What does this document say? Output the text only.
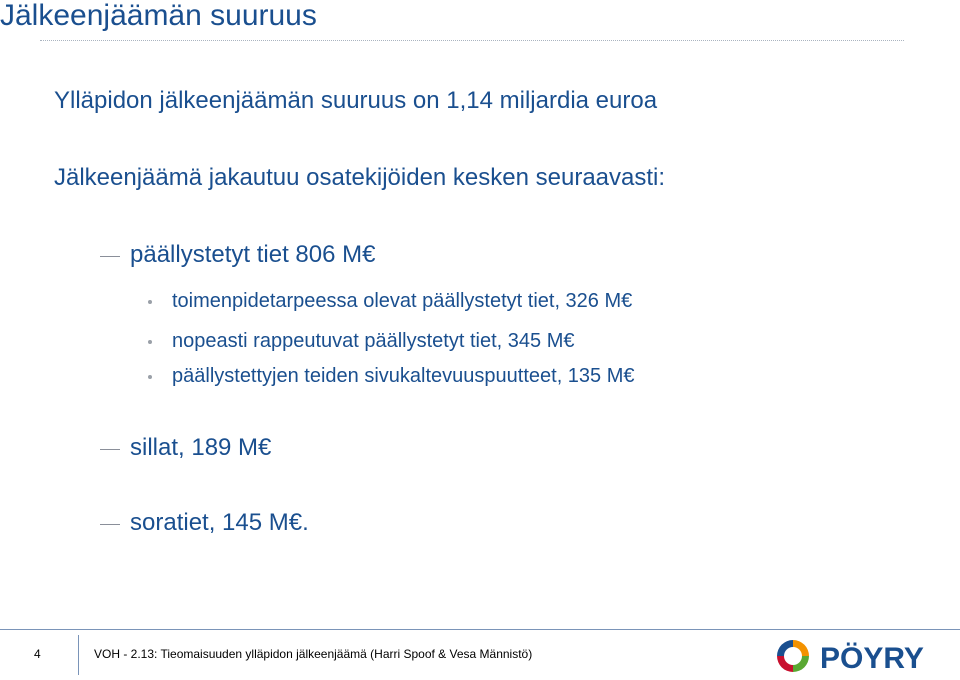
Jälkeenjäämän suuruus
Ylläpidon jälkeenjäämän suuruus on 1,14 miljardia euroa
Jälkeenjäämä jakautuu osatekijöiden kesken seuraavasti:
päällystetyt tiet 806 M€
toimenpidetarpeessa olevat päällystetyt tiet, 326 M€
nopeasti rappeutuvat päällystetyt tiet, 345 M€
päällystettyjen teiden sivukaltevuuspuutteet, 135 M€
sillat, 189 M€
soratiet, 145 M€.
4	VOH - 2.13: Tieomaisuuden ylläpidon jälkeenjäämä (Harri Spoof & Vesa Männistö)	PÖYRY
